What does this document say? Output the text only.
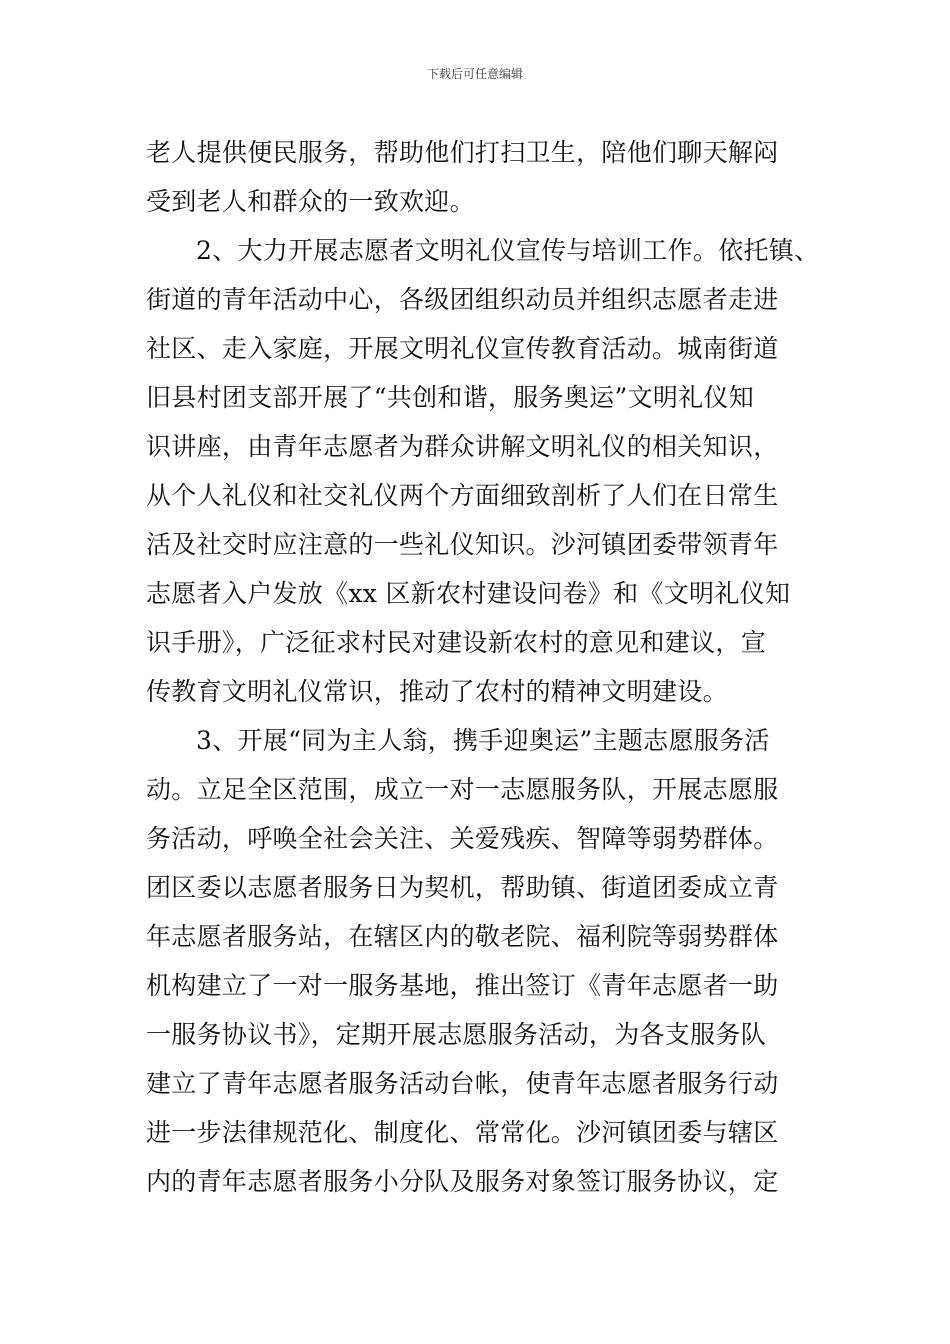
下载后可任意编辑
老人提供便民服务，帮助他们打扫卫生，陪他们聊天解闷
受到老人和群众的一致欢迎。
2、大力开展志愿者文明礼仪宣传与培训工作。依托镇、
街道的青年活动中心，各级团组织动员并组织志愿者走进
社区、走入家庭，开展文明礼仪宣传教育活动。城南街道
旧县村团支部开展了“共创和谐，服务奥运”文明礼仪知
识讲座，由青年志愿者为群众讲解文明礼仪的相关知识，
从个人礼仪和社交礼仪两个方面细致剖析了人们在日常生
活及社交时应注意的一些礼仪知识。沙河镇团委带领青年
志愿者入户发放《xx 区新农村建设问卷》和《文明礼仪知
识手册》，广泛征求村民对建设新农村的意见和建议，宣
传教育文明礼仪常识，推动了农村的精神文明建设。
3、开展“同为主人翁，携手迎奥运”主题志愿服务活
动。立足全区范围，成立一对一志愿服务队，开展志愿服
务活动，呼唤全社会关注、关爱残疾、智障等弱势群体。
团区委以志愿者服务日为契机，帮助镇、街道团委成立青
年志愿者服务站，在辖区内的敬老院、福利院等弱势群体
机构建立了一对一服务基地，推出签订《青年志愿者一助
一服务协议书》，定期开展志愿服务活动，为各支服务队
建立了青年志愿者服务活动台帐，使青年志愿者服务行动
进一步法律规范化、制度化、常常化。沙河镇团委与辖区
内的青年志愿者服务小分队及服务对象签订服务协议，定
